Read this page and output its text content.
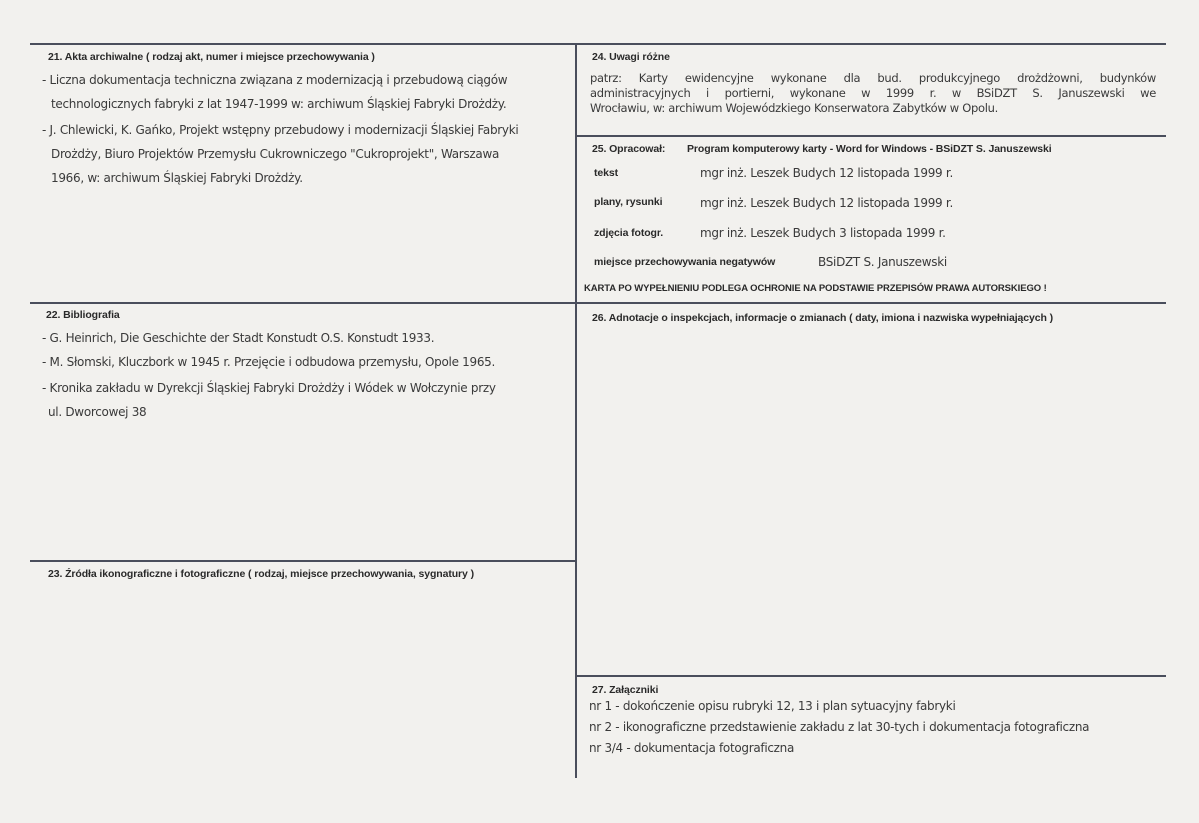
21. Akta archiwalne ( rodzaj akt, numer i miejsce przechowywania )
- Liczna dokumentacja techniczna związana z modernizacją i przebudową ciągów
technologicznych fabryki z lat 1947-1999 w: archiwum Śląskiej Fabryki Drożdży.
- J. Chlewicki, K. Gańko, Projekt wstępny przebudowy i modernizacji Śląskiej Fabryki
Drożdży, Biuro Projektów Przemysłu Cukrowniczego "Cukroprojekt", Warszawa
1966, w: archiwum Śląskiej Fabryki Drożdży.
22. Bibliografia
- G. Heinrich, Die Geschichte der Stadt Konstudt O.S. Konstudt 1933.
- M. Słomski, Kluczbork w 1945 r. Przejęcie i odbudowa przemysłu, Opole 1965.
- Kronika zakładu w Dyrekcji Śląskiej Fabryki Drożdży i Wódek w Wołczynie przy
ul. Dworcowej 38
23. Źródła ikonograficzne i fotograficzne ( rodzaj, miejsce przechowywania, sygnatury )
24. Uwagi różne
patrz: Karty ewidencyjne wykonane dla bud. produkcyjnego drożdżowni, budynków
administracyjnych i portierni, wykonane w 1999 r. w BSiDZT S. Januszewski we
Wrocławiu, w: archiwum Wojewódzkiego Konserwatora Zabytków w Opolu.
25. Opracował: Program komputerowy karty - Word for Windows - BSiDZT S. Januszewski
tekst	mgr inż. Leszek Budych 12 listopada 1999 r.
plany, rysunki	mgr inż. Leszek Budych 12 listopada 1999 r.
zdjęcia fotogr.	mgr inż. Leszek Budych 3 listopada 1999 r.
miejsce przechowywania negatywów	BSiDZT S. Januszewski
KARTA PO WYPEŁNIENIU PODLEGA OCHRONIE NA PODSTAWIE PRZEPISÓW PRAWA AUTORSKIEGO !
26. Adnotacje o inspekcjach, informacje o zmianach ( daty, imiona i nazwiska wypełniających )
27. Załączniki
nr 1 - dokończenie opisu rubryki 12, 13 i plan sytuacyjny fabryki
nr 2 - ikonograficzne przedstawienie zakładu z lat 30-tych i dokumentacja fotograficzna
nr 3/4 - dokumentacja fotograficzna
